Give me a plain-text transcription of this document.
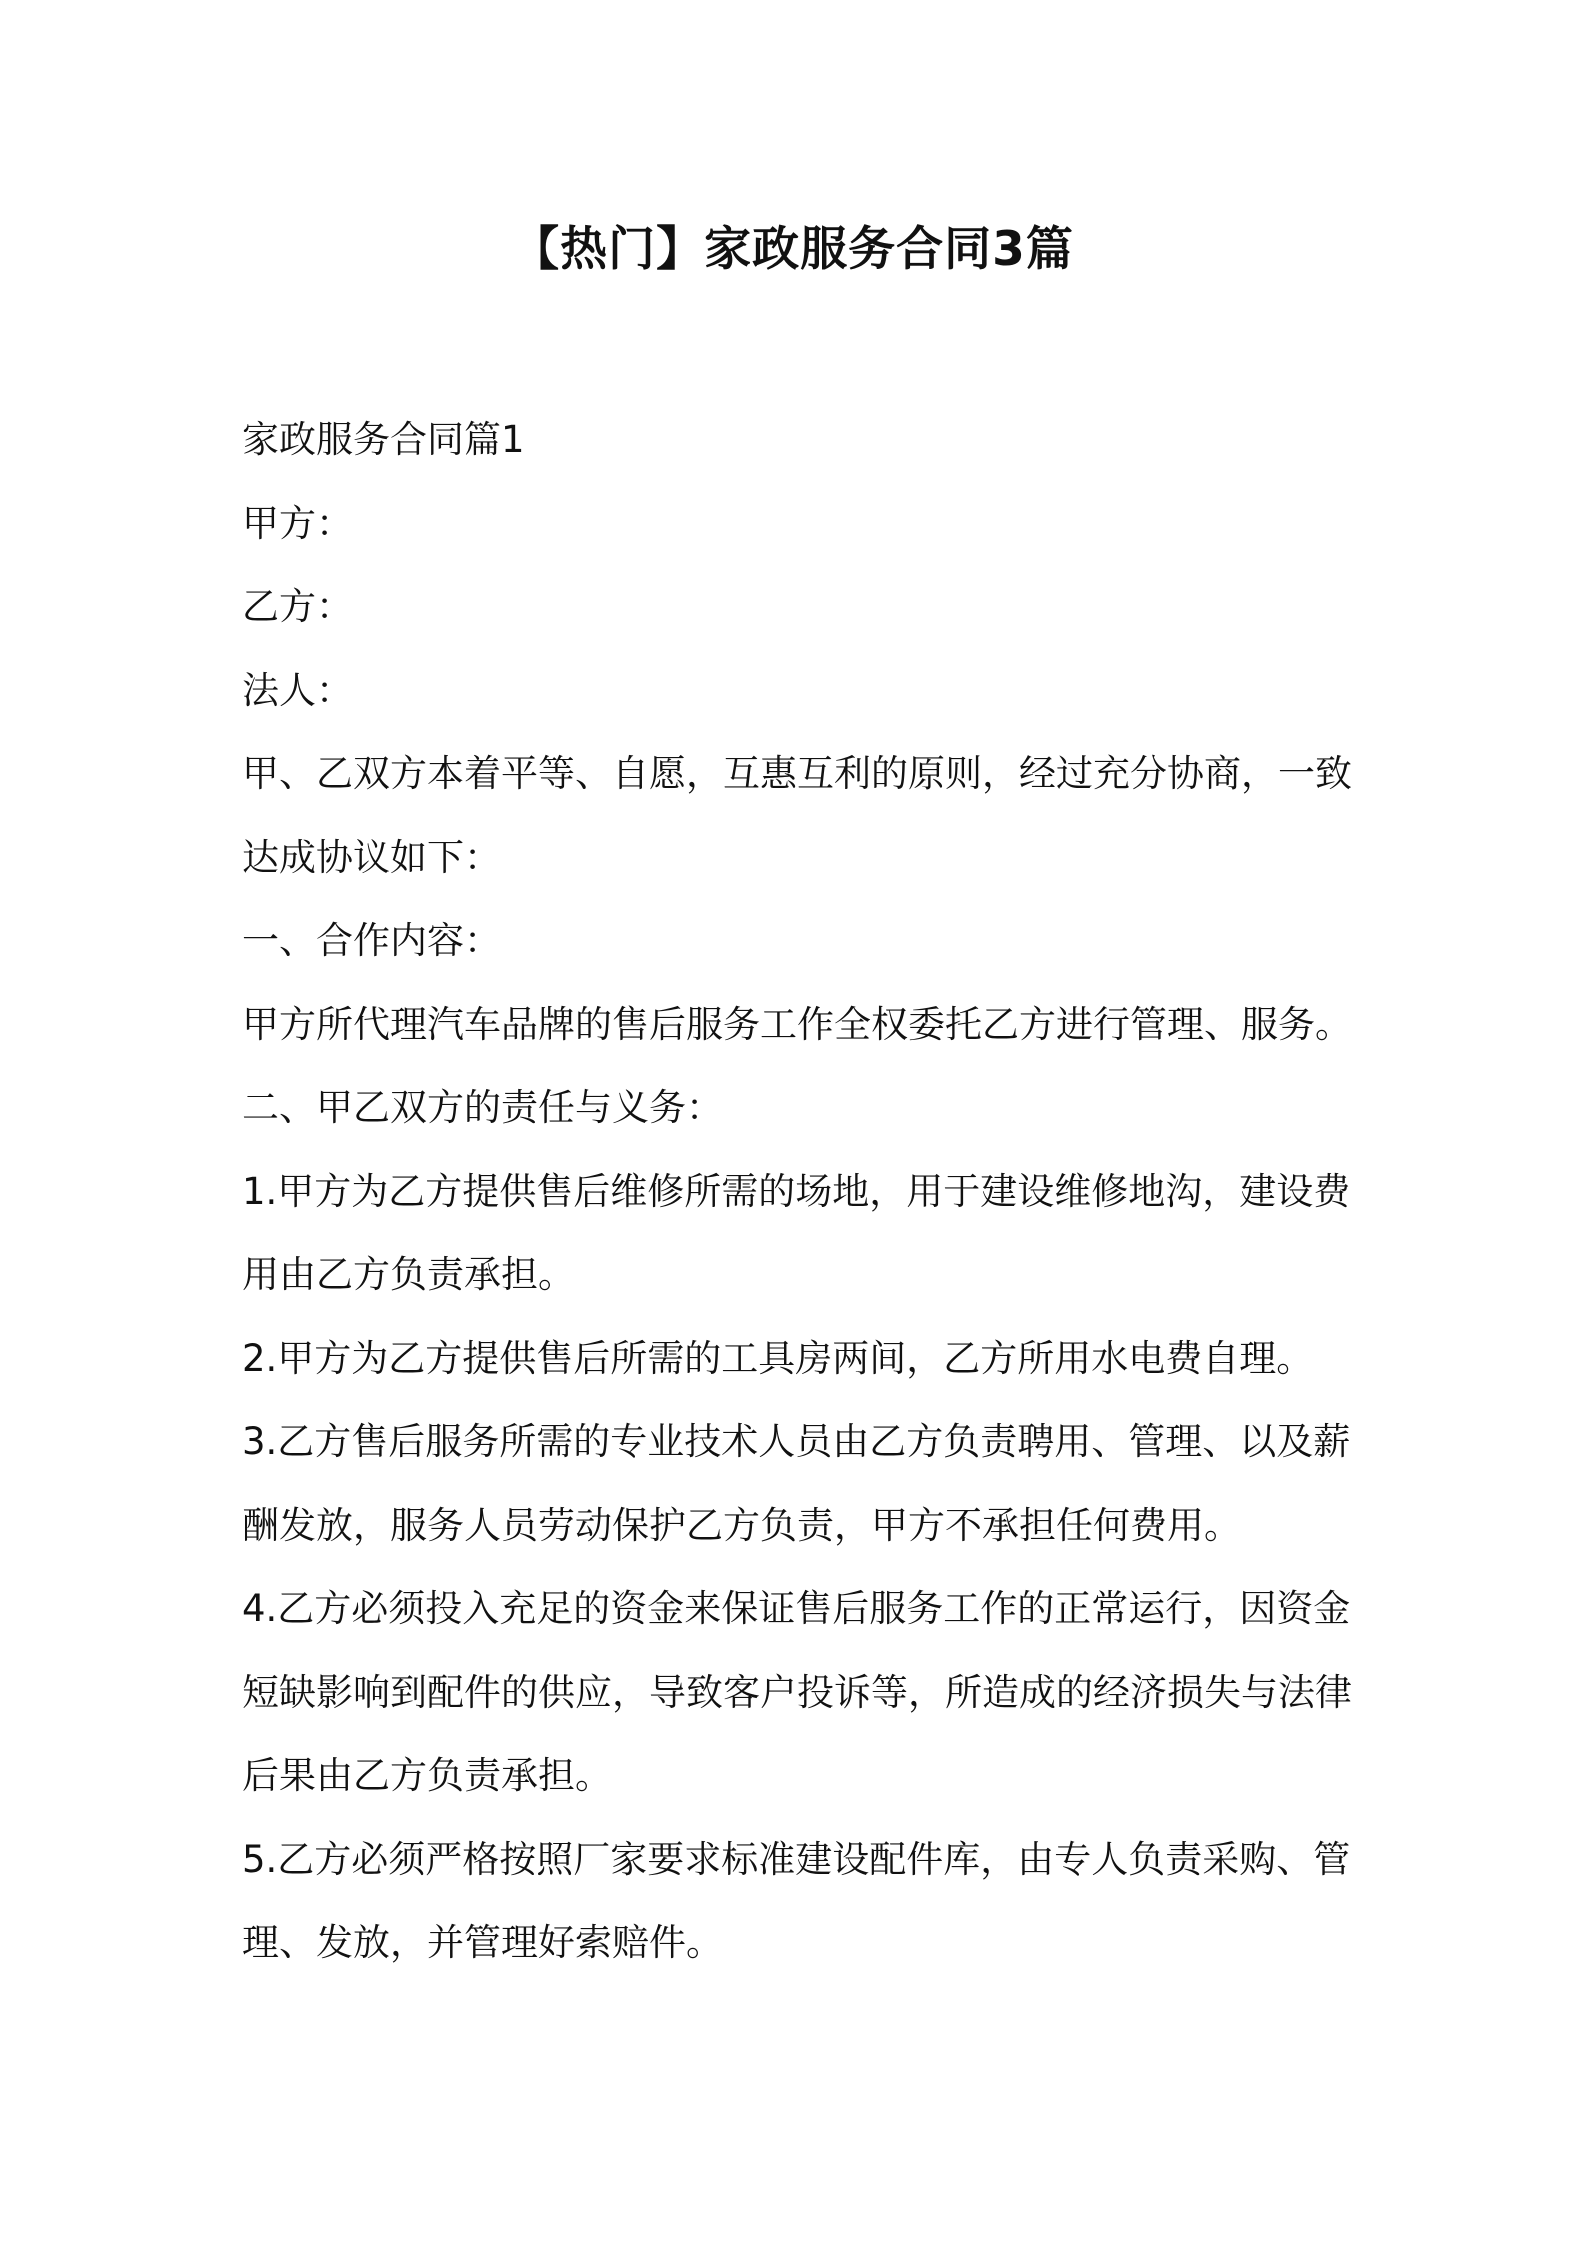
【热门】家政服务合同3篇

家政服务合同篇1

甲方：

乙方：

法人：

甲、乙双方本着平等、自愿，互惠互利的原则，经过充分协商，一致

达成协议如下：

一、合作内容：

甲方所代理汽车品牌的售后服务工作全权委托乙方进行管理、服务。

二、甲乙双方的责任与义务：

1.甲方为乙方提供售后维修所需的场地，用于建设维修地沟，建设费

用由乙方负责承担。

2.甲方为乙方提供售后所需的工具房两间，乙方所用水电费自理。

3.乙方售后服务所需的专业技术人员由乙方负责聘用、管理、以及薪

酬发放，服务人员劳动保护乙方负责，甲方不承担任何费用。

4.乙方必须投入充足的资金来保证售后服务工作的正常运行，因资金

短缺影响到配件的供应，导致客户投诉等，所造成的经济损失与法律

后果由乙方负责承担。

5.乙方必须严格按照厂家要求标准建设配件库，由专人负责采购、管

理、发放，并管理好索赔件。
